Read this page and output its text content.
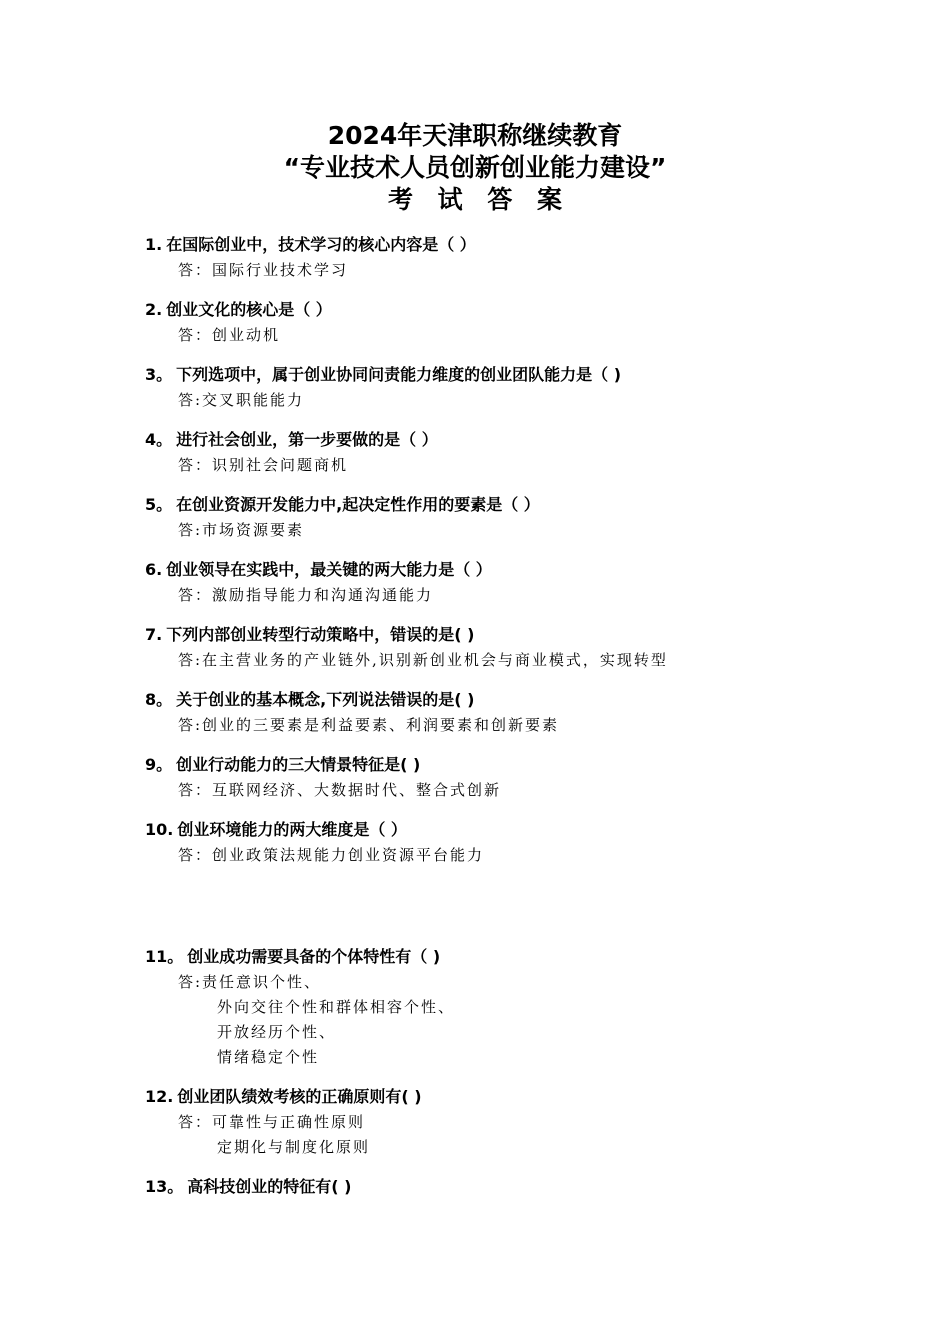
2024年天津职称继续教育
“专业技术人员创新创业能力建设”
考 试 答 案
1. 在国际创业中，技术学习的核心内容是（ ）
答：国际行业技术学习
2. 创业文化的核心是（ ）
答：创业动机
3。 下列选项中，属于创业协同问责能力维度的创业团队能力是（ )
答:交叉职能能力
4。 进行社会创业，第一步要做的是（ ）
答：识别社会问题商机
5。 在创业资源开发能力中,起决定性作用的要素是（ ）
答:市场资源要素
6. 创业领导在实践中，最关键的两大能力是（ ）
答：激励指导能力和沟通沟通能力
7. 下列内部创业转型行动策略中，错误的是( )
答:在主营业务的产业链外,识别新创业机会与商业模式，实现转型
8。 关于创业的基本概念,下列说法错误的是( )
答:创业的三要素是利益要素、利润要素和创新要素
9。 创业行动能力的三大情景特征是( )
答：互联网经济、大数据时代、整合式创新
10. 创业环境能力的两大维度是（ ）
答：创业政策法规能力创业资源平台能力
11。 创业成功需要具备的个体特性有（ )
答:责任意识个性、
外向交往个性和群体相容个性、
开放经历个性、
情绪稳定个性
12. 创业团队绩效考核的正确原则有( )
答：可靠性与正确性原则
定期化与制度化原则
13。 高科技创业的特征有( )
